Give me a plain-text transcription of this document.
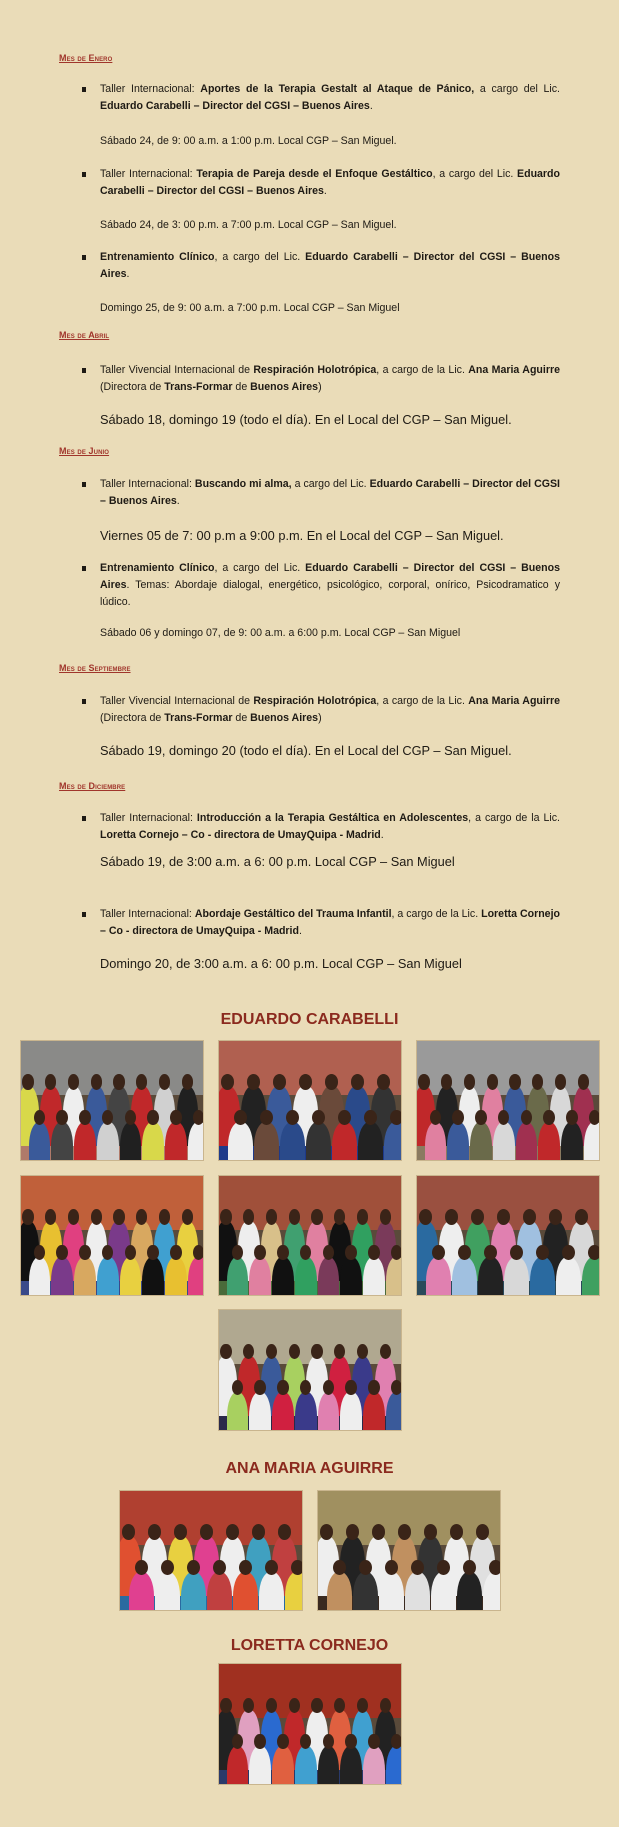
Mes de Enero
Taller Internacional: Aportes de la Terapia Gestalt al Ataque de Pánico, a cargo del Lic. Eduardo Carabelli – Director del CGSI – Buenos Aires.
Sábado 24, de 9: 00 a.m. a 1:00 p.m. Local CGP – San Miguel.
Taller Internacional: Terapia de Pareja desde el Enfoque Gestáltico, a cargo del Lic. Eduardo Carabelli – Director del CGSI – Buenos Aires.
Sábado 24, de 3: 00 p.m. a 7:00 p.m. Local CGP – San Miguel.
Entrenamiento Clínico, a cargo del Lic. Eduardo Carabelli – Director del CGSI – Buenos Aires.
Domingo 25, de 9: 00 a.m. a 7:00 p.m. Local CGP – San Miguel
Mes de Abril
Taller Vivencial Internacional de Respiración Holotrópica, a cargo de la Lic. Ana Maria Aguirre (Directora de Trans-Formar de Buenos Aires)
Sábado 18, domingo 19 (todo el día). En el Local del CGP – San Miguel.
Mes de Junio
Taller Internacional: Buscando mi alma, a cargo del Lic. Eduardo Carabelli – Director del CGSI – Buenos Aires.
Viernes 05 de 7: 00 p.m a 9:00 p.m. En el Local del CGP – San Miguel.
Entrenamiento Clínico, a cargo del Lic. Eduardo Carabelli – Director del CGSI – Buenos Aires. Temas: Abordaje dialogal, energético, psicológico, corporal, onírico, Psicodramatico y lúdico.
Sábado 06 y domingo 07, de 9: 00 a.m. a 6:00 p.m. Local CGP – San Miguel
Mes de Septiembre
Taller Vivencial Internacional de Respiración Holotrópica, a cargo de la Lic. Ana Maria Aguirre (Directora de Trans-Formar de Buenos Aires)
Sábado 19, domingo 20 (todo el día). En el Local del CGP – San Miguel.
Mes de Diciembre
Taller Internacional: Introducción a la Terapia Gestáltica en Adolescentes, a cargo de la Lic. Loretta Cornejo – Co - directora de UmayQuipa - Madrid.
Sábado 19, de 3:00 a.m. a 6: 00 p.m. Local CGP – San Miguel
Taller Internacional: Abordaje Gestáltico del Trauma Infantil, a cargo de la Lic. Loretta Cornejo – Co - directora de UmayQuipa - Madrid.
Domingo 20, de 3:00 a.m. a 6: 00 p.m. Local CGP – San Miguel
EDUARDO CARABELLI
ANA MARIA AGUIRRE
LORETTA CORNEJO
